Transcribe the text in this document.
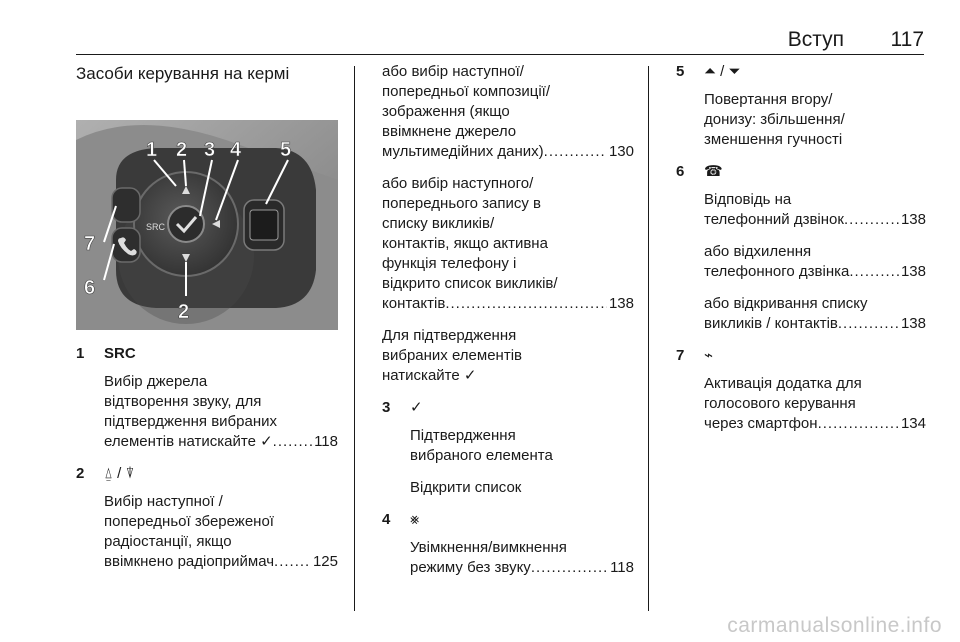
Вступ 117
Засоби керування на кермі
SRC
1 2 3 4 5
6
7
2
1 SRC
Вибір джерела
відтворення звуку, для
підтвердження вибраних
елементів натискайте ✓ .....	118
2 ⍙ / ⍒
Вибір наступної /
попередньої збереженої
радіостанції, якщо
ввімкнено радіоприймач .....	125
або вибір наступної/
попередньої композиції/
зображення (якщо
ввімкнене джерело
мультимедійних даних) .....	130
або вибір наступного/
попереднього запису в
списку викликів/
контактів, якщо активна
функція телефону і
відкрито список викликів/
контактів .....	138
Для підтвердження
вибраних елементів
натискайте ✓
3 ✓
Підтвердження
вибраного елемента
Відкрити список
4 ⨳
Увімкнення/вимкнення
режиму без звуку .....	118
5 ⏶ / ⏷
Повертання вгору/
донизу: збільшення/
зменшення гучності
6 ☎
Відповідь на
телефонний дзвінок .....	138
або відхилення
телефонного дзвінка .....	138
або відкривання списку
викликів / контактів .....	138
7 ⌁
Активація додатка для
голосового керування
через смартфон .....	134
carmanualsonline.info
